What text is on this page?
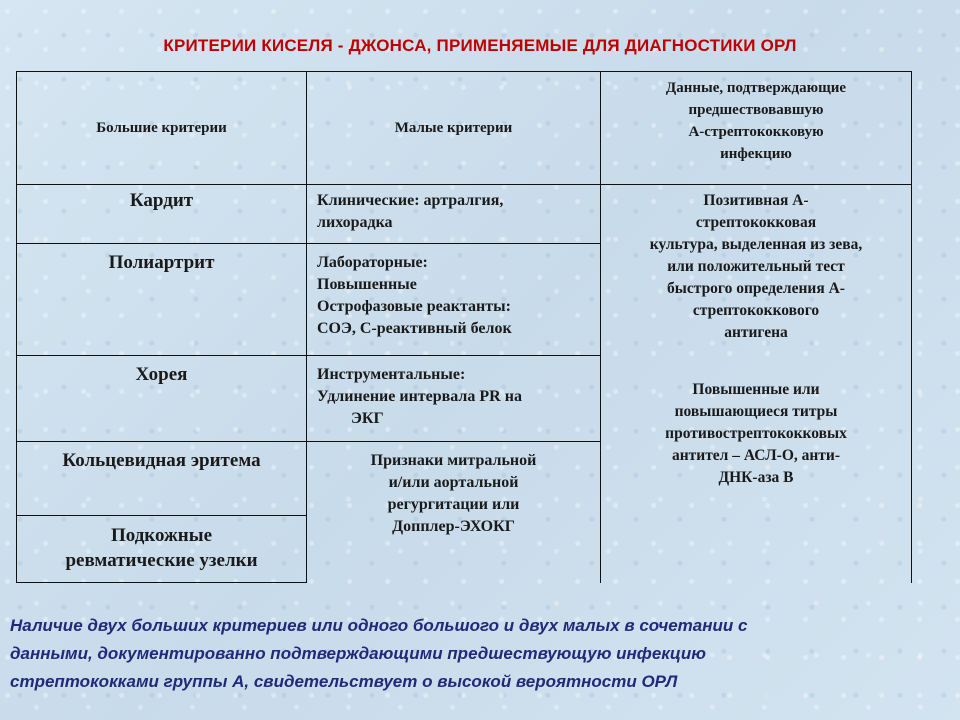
КРИТЕРИИ КИСЕЛЯ - ДЖОНСА, ПРИМЕНЯЕМЫЕ ДЛЯ ДИАГНОСТИКИ ОРЛ
Большие критерии	Малые критерии
Данные, подтверждающие
предшествовавшую
А-стрептококковую
инфекцию
Кардит
Полиартрит
Хорея
Кольцевидная эритема
Подкожные
ревматические узелки
Клинические: артралгия,
лихорадка
Лабораторные:
Повышенные
Острофазовые реактанты:
СОЭ, С-реактивный белок
Инструментальные:
Удлинение интервала PR на
ЭКГ
Признаки митральной
и/или аортальной
регургитации или
Допплер-ЭХОКГ
Позитивная А-
стрептококковая
культура, выделенная из зева,
или положительный тест
быстрого определения А-
стрептококкового
антигена
Повышенные или
повышающиеся титры
противострептококковых
антител – АСЛ-О, анти-
ДНК-аза В
Наличие двух больших критериев или одного большого и двух малых в сочетании с
данными, документированно подтверждающими предшествующую инфекцию
стрептококками группы А, свидетельствует о высокой вероятности ОРЛ
